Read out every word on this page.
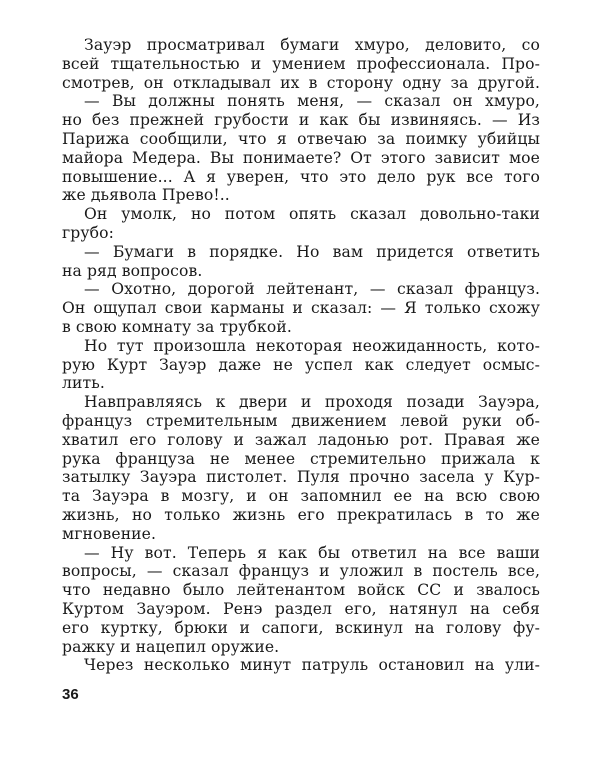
Зауэр просматривал бумаги хмуро, деловито, со
всей тщательностью и умением профессионала. Про-
смотрев, он откладывал их в сторону одну за другой.
— Вы должны понять меня, — сказал он хмуро,
но без прежней грубости и как бы извиняясь. — Из
Парижа сообщили, что я отвечаю за поимку убийцы
майора Медера. Вы понимаете? От этого зависит мое
повышение... А я уверен, что это дело рук все того
же дьявола Прево!..
Он умолк, но потом опять сказал довольно-таки
грубо:
— Бумаги в порядке. Но вам придется ответить
на ряд вопросов.
— Охотно, дорогой лейтенант, — сказал француз.
Он ощупал свои карманы и сказал: — Я только схожу
в свою комнату за трубкой.
Но тут произошла некоторая неожиданность, кото-
рую Курт Зауэр даже не успел как следует осмыс-
лить.
Навправляясь к двери и проходя позади Зауэра,
француз стремительным движением левой руки об-
хватил его голову и зажал ладонью рот. Правая же
рука француза не менее стремительно прижала к
затылку Зауэра пистолет. Пуля прочно засела у Кур-
та Зауэра в мозгу, и он запомнил ее на всю свою
жизнь, но только жизнь его прекратилась в то же
мгновение.
— Ну вот. Теперь я как бы ответил на все ваши
вопросы, — сказал француз и уложил в постель все,
что недавно было лейтенантом войск СС и звалось
Куртом Зауэром. Ренэ раздел его, натянул на себя
его куртку, брюки и сапоги, вскинул на голову фу-
ражку и нацепил оружие.
Через несколько минут патруль остановил на ули-
36
